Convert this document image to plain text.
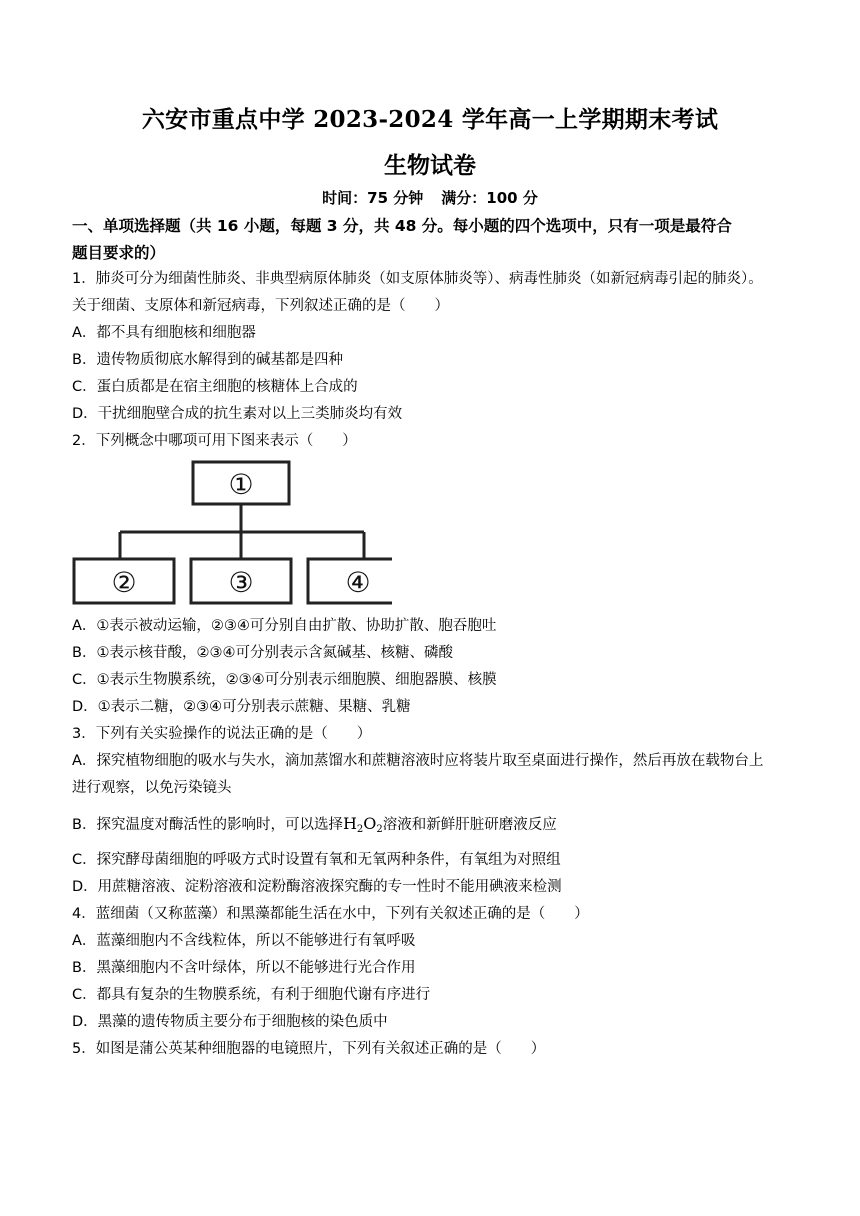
六安市重点中学 2023-2024 学年高一上学期期末考试
生物试卷
时间：75 分钟 满分：100 分
一、单项选择题（共 16 小题，每题 3 分，共 48 分。每小题的四个选项中，只有一项是最符合
题目要求的）
1．肺炎可分为细菌性肺炎、非典型病原体肺炎（如支原体肺炎等）、病毒性肺炎（如新冠病毒引起的肺炎）。
关于细菌、支原体和新冠病毒，下列叙述正确的是（　　）
A．都不具有细胞核和细胞器
B．遗传物质彻底水解得到的碱基都是四种
C．蛋白质都是在宿主细胞的核糖体上合成的
D．干扰细胞壁合成的抗生素对以上三类肺炎均有效
2．下列概念中哪项可用下图来表示（　　）
①
②	③	④
A．①表示被动运输，②③④可分别自由扩散、协助扩散、胞吞胞吐
B．①表示核苷酸，②③④可分别表示含氮碱基、核糖、磷酸
C．①表示生物膜系统，②③④可分别表示细胞膜、细胞器膜、核膜
D．①表示二糖，②③④可分别表示蔗糖、果糖、乳糖
3．下列有关实验操作的说法正确的是（　　）
A．探究植物细胞的吸水与失水，滴加蒸馏水和蔗糖溶液时应将装片取至桌面进行操作，然后再放在载物台上
进行观察，以免污染镜头
B．探究温度对酶活性的影响时，可以选择$H_2O_2$溶液和新鲜肝脏研磨液反应
C．探究酵母菌细胞的呼吸方式时设置有氧和无氧两种条件，有氧组为对照组
D．用蔗糖溶液、淀粉溶液和淀粉酶溶液探究酶的专一性时不能用碘液来检测
4．蓝细菌（又称蓝藻）和黑藻都能生活在水中，下列有关叙述正确的是（　　）
A．蓝藻细胞内不含线粒体，所以不能够进行有氧呼吸
B．黑藻细胞内不含叶绿体，所以不能够进行光合作用
C．都具有复杂的生物膜系统，有利于细胞代谢有序进行
D．黑藻的遗传物质主要分布于细胞核的染色质中
5．如图是蒲公英某种细胞器的电镜照片，下列有关叙述正确的是（　　）
